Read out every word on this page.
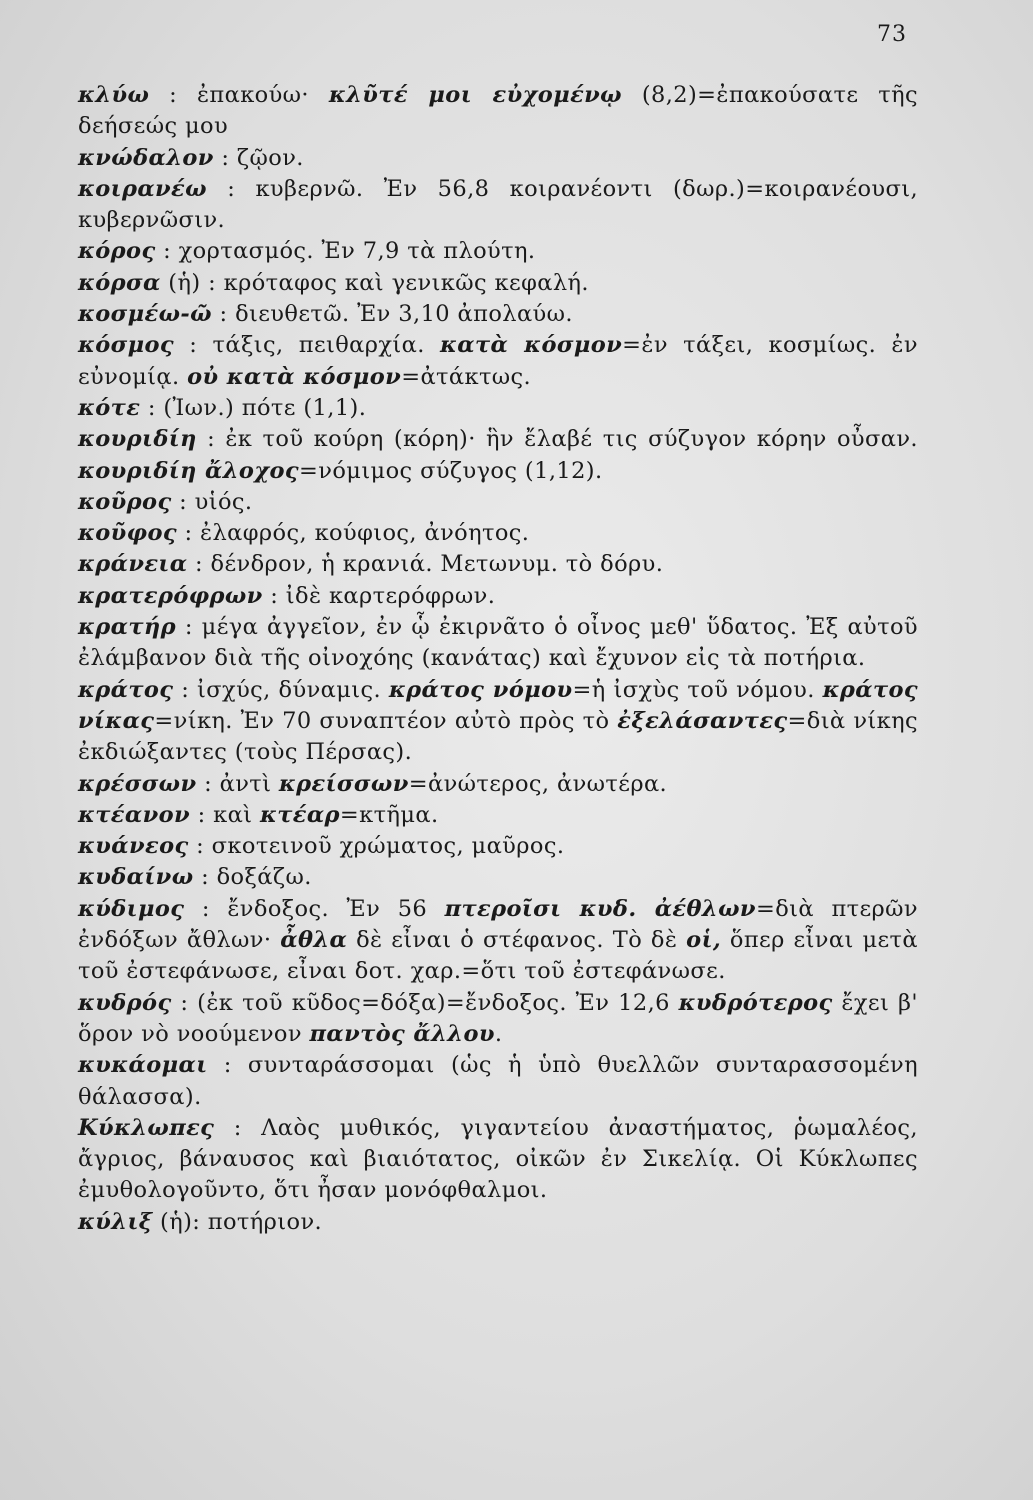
73

κλύω : ἐπακούω· κλῦτέ μοι εὐχομένῳ (8,2)=ἐπακούσατε τῆς δεήσεώς μου

κνώδαλον : ζῷον.

κοιρανέω : κυβερνῶ. Ἐν 56,8 κοιρανέοντι (δωρ.)=κοιρανέουσι, κυβερνῶσιν.

κόρος : χορτασμός. Ἐν 7,9 τὰ πλούτη.

κόρσα (ἡ) : κρόταφος καὶ γενικῶς κεφαλή.

κοσμέω-ῶ : διευθετῶ. Ἐν 3,10 ἀπολαύω.

κόσμος : τάξις, πειθαρχία. κατὰ κόσμον=ἐν τάξει, κοσμίως. ἐν εὐνομίᾳ. οὐ κατὰ κόσμον=ἀτάκτως.

κότε : (Ἰων.) πότε (1,1).

κουριδίη : ἐκ τοῦ κούρη (κόρη)· ἣν ἔλαβέ τις σύζυγον κόρην οὖσαν. κουριδίη ἄλοχος=νόμιμος σύζυγος (1,12).

κοῦρος : υἱός.

κοῦφος : ἐλαφρός, κούφιος, ἀνόητος.

κράνεια : δένδρον, ἡ κρανιά. Μετωνυμ. τὸ δόρυ.

κρατερόφρων : ἰδὲ καρτερόφρων.

κρατήρ : μέγα ἀγγεῖον, ἐν ᾧ ἐκιρνᾶτο ὁ οἶνος μεθ' ὕδατος. Ἐξ αὐτοῦ ἐλάμβανον διὰ τῆς οἰνοχόης (κανάτας) καὶ ἔχυνον εἰς τὰ ποτήρια.

κράτος : ἰσχύς, δύναμις. κράτος νόμου=ἡ ἰσχὺς τοῦ νόμου. κράτος νίκας=νίκη. Ἐν 70 συναπτέον αὐτὸ πρὸς τὸ ἐξελάσαντες=διὰ νίκης ἐκδιώξαντες (τοὺς Πέρσας).

κρέσσων : ἀντὶ κρείσσων=ἀνώτερος, ἀνωτέρα.

κτέανον : καὶ κτέαρ=κτῆμα.

κυάνεος : σκοτεινοῦ χρώματος, μαῦρος.

κυδαίνω : δοξάζω.

κύδιμος : ἔνδοξος. Ἐν 56 πτεροῖσι κυδ. ἀέθλων=διὰ πτερῶν ἐνδόξων ἄθλων· ἆθλα δὲ εἶναι ὁ στέφανος. Τὸ δὲ οἱ, ὅπερ εἶναι μετὰ τοῦ ἐστεφάνωσε, εἶναι δοτ. χαρ.=ὅτι τοῦ ἐστεφάνωσε.

κυδρός : (ἐκ τοῦ κῦδος=δόξα)=ἔνδοξος. Ἐν 12,6 κυδρότερος ἔχει β' ὅρον νὸ νοούμενον παντὸς ἄλλου.

κυκάομαι : συνταράσσομαι (ὡς ἡ ὑπὸ θυελλῶν συνταρασσομένη θάλασσα).

Κύκλωπες : Λαὸς μυθικός, γιγαντείου ἀναστήματος, ῥωμαλέος, ἄγριος, βάναυσος καὶ βιαιότατος, οἰκῶν ἐν Σικελίᾳ. Οἱ Κύκλωπες ἐμυθολογοῦντο, ὅτι ἦσαν μονόφθαλμοι.

κύλιξ (ἡ): ποτήριον.
